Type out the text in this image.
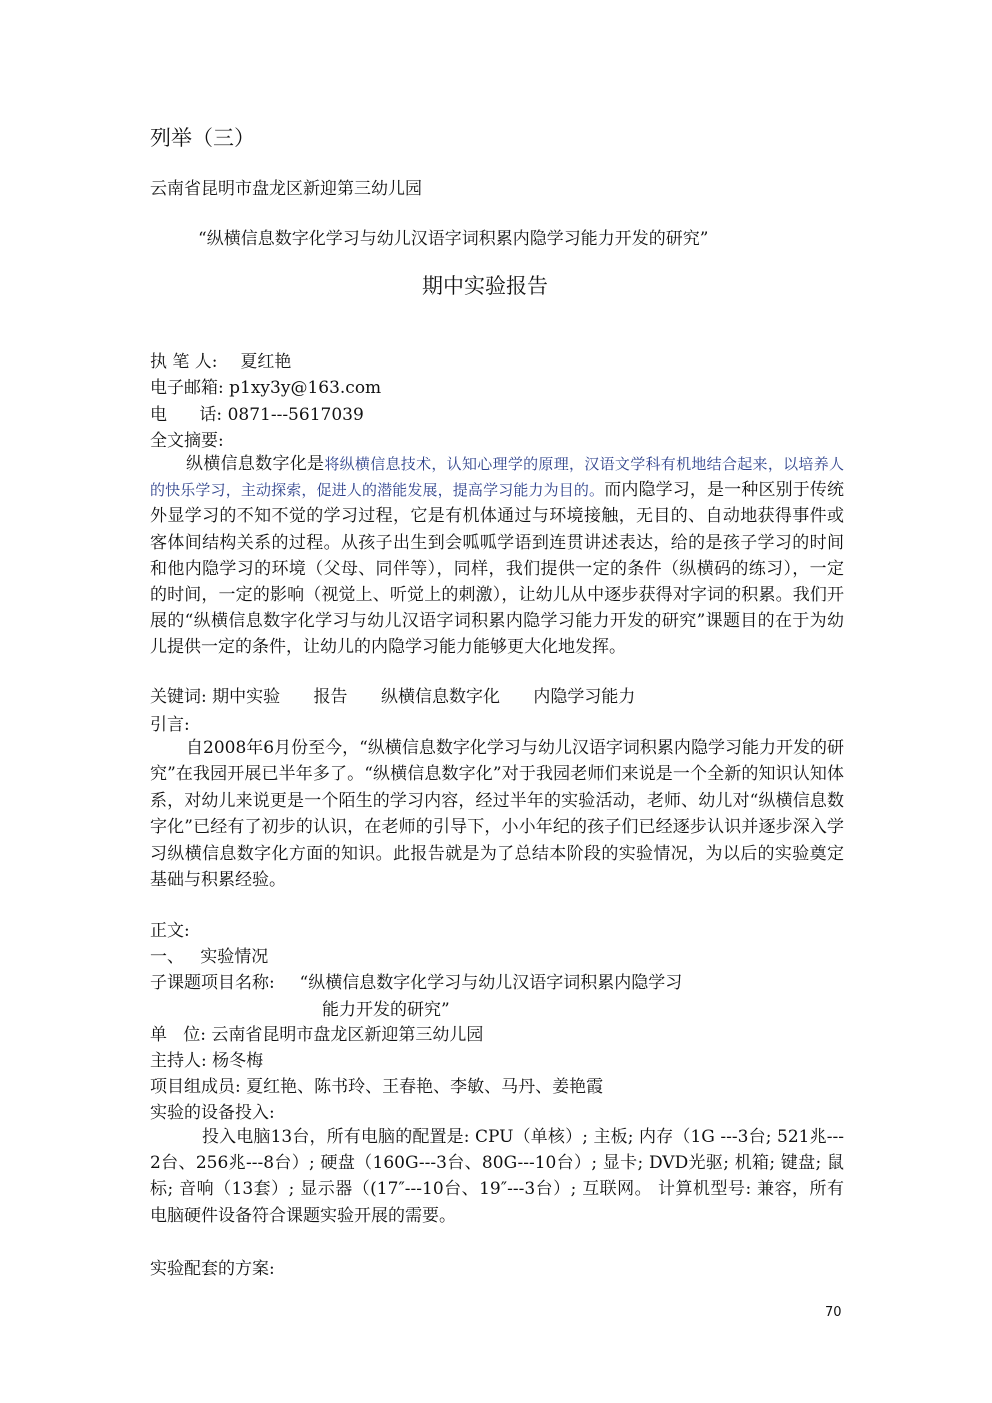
列举（三）
云南省昆明市盘龙区新迎第三幼儿园
“纵横信息数字化学习与幼儿汉语字词积累内隐学习能力开发的研究”
期中实验报告
执 笔 人: 夏红艳
电子邮箱: p1xy3y@163.com
电      话: 0871---5617039
全文摘要:
纵横信息数字化是将纵横信息技术，认知心理学的原理，汉语文学科有机地结合起来，以培养人的快乐学习，主动探索，促进人的潜能发展，提高学习能力为目的。而内隐学习，是一种区别于传统外显学习的不知不觉的学习过程，它是有机体通过与环境接触，无目的、自动地获得事件或客体间结构关系的过程。从孩子出生到会呱呱学语到连贯讲述表达，给的是孩子学习的时间和他内隐学习的环境（父母、同伴等），同样，我们提供一定的条件（纵横码的练习），一定的时间，一定的影响（视觉上、听觉上的刺激），让幼儿从中逐步获得对字词的积累。我们开展的“纵横信息数字化学习与幼儿汉语字词积累内隐学习能力开发的研究”课题目的在于为幼儿提供一定的条件，让幼儿的内隐学习能力能够更大化地发挥。
关键词: 期中实验 报告 纵横信息数字化 内隐学习能力
引言:
自2008年6月份至今，“纵横信息数字化学习与幼儿汉语字词积累内隐学习能力开发的研究”在我园开展已半年多了。“纵横信息数字化”对于我园老师们来说是一个全新的知识认知体系，对幼儿来说更是一个陌生的学习内容，经过半年的实验活动，老师、幼儿对“纵横信息数字化”已经有了初步的认识，在老师的引导下，小小年纪的孩子们已经逐步认识并逐步深入学习纵横信息数字化方面的知识。此报告就是为了总结本阶段的实验情况，为以后的实验奠定基础与积累经验。
正文:
一、   实验情况
子课题项目名称: “纵横信息数字化学习与幼儿汉语字词积累内隐学习
能力开发的研究”
单   位: 云南省昆明市盘龙区新迎第三幼儿园
主持人: 杨冬梅
项目组成员: 夏红艳、陈书玲、王春艳、李敏、马丹、姜艳霞
实验的设备投入:
投入电脑13台，所有电脑的配置是: CPU（单核）; 主板; 内存（1G ---3台; 521兆---2台、256兆---8台）; 硬盘（160G---3台、80G---10台）; 显卡; DVD光驱; 机箱; 键盘; 鼠标; 音响（13套）; 显示器（(17″---10台、19″---3台）; 互联网。 计算机型号: 兼容，所有电脑硬件设备符合课题实验开展的需要。
实验配套的方案:
70
